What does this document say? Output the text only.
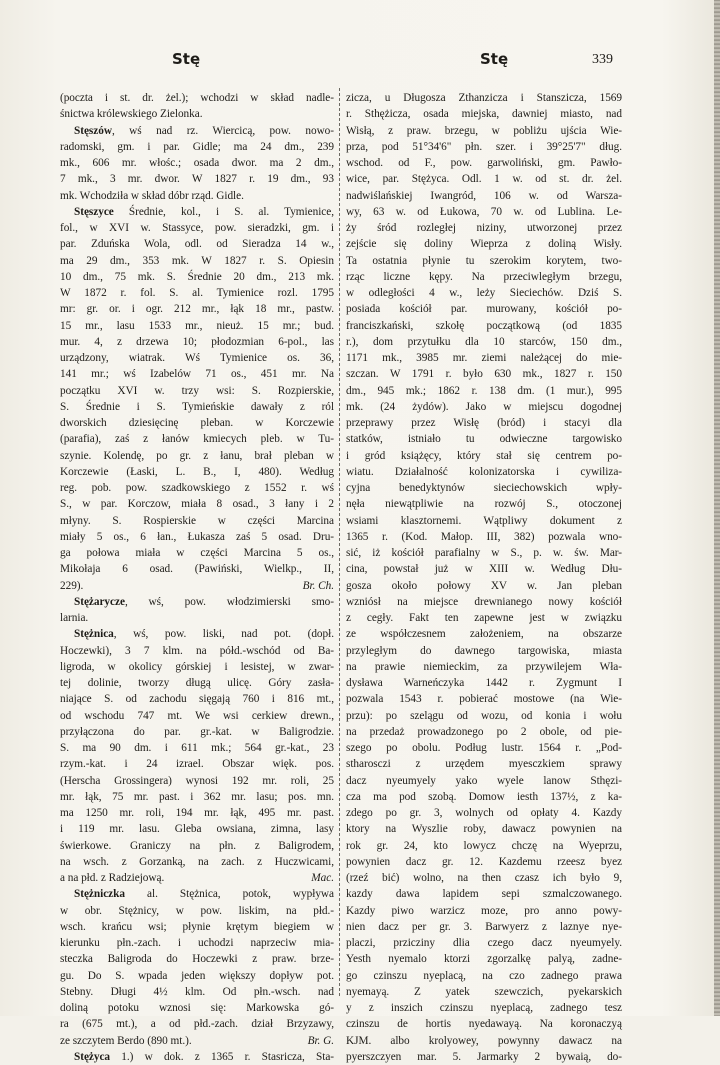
Stę	Stę	339
(poczta i st. dr. żel.); wchodzi w skład nadle-
śnictwa królewskiego Zielonka.
Stęszów, wś nad rz. Wiercicą, pow. nowo-
radomski, gm. i par. Gidle; ma 24 dm., 239
mk., 606 mr. włośc.; osada dwor. ma 2 dm.,
7 mk., 3 mr. dwor. W 1827 r. 19 dm., 93
mk. Wchodziła w skład dóbr rząd. Gidle.
Stęszyce Średnie, kol., i S. al. Tymienice,
fol., w XVI w. Stassyce, pow. sieradzki, gm. i
par. Zduńska Wola, odl. od Sieradza 14 w.,
ma 29 dm., 353 mk. W 1827 r. S. Opiesin
10 dm., 75 mk. S. Średnie 20 dm., 213 mk.
W 1872 r. fol. S. al. Tymienice rozl. 1795
mr: gr. or. i ogr. 212 mr., łąk 18 mr., pastw.
15 mr., lasu 1533 mr., nieuż. 15 mr.; bud.
mur. 4, z drzewa 10; płodozmian 6-pol., las
urządzony, wiatrak. Wś Tymienice os. 36,
141 mr.; wś Izabelów 71 os., 451 mr. Na
początku XVI w. trzy wsi: S. Rozpierskie,
S. Średnie i S. Tymieńskie dawały z ról
dworskich dziesięcinę pleban. w Korczewie
(parafia), zaś z łanów kmiecych pleb. w Tu-
szynie. Kolendę, po gr. z łanu, brał pleban w
Korczewie (Łaski, L. B., I, 480). Według
reg. pob. pow. szadkowskiego z 1552 r. wś
S., w par. Korczow, miała 8 osad., 3 łany i 2
młyny. S. Rospierskie w części Marcina
miały 5 os., 6 łan., Łukasza zaś 5 osad. Dru-
ga połowa miała w części Marcina 5 os.,
Mikołaja 6 osad. (Pawiński, Wielkp., II,
229).	Br. Ch.
Stężarycze, wś, pow. włodzimierski smo-
larnia.
Stężnica, wś, pow. liski, nad pot. (dopł.
Hoczewki), 3 7 klm. na półd.-wschód od Ba-
ligroda, w okolicy górskiej i lesistej, w zwar-
tej dolinie, tworzy długą ulicę. Góry zasła-
niające S. od zachodu sięgają 760 i 816 mt.,
od wschodu 747 mt. We wsi cerkiew drewn.,
przyłączona do par. gr.-kat. w Baligrodzie.
S. ma 90 dm. i 611 mk.; 564 gr.-kat., 23
rzym.-kat. i 24 izrael. Obszar więk. pos.
(Herscha Grossingera) wynosi 192 mr. roli, 25
mr. łąk, 75 mr. past. i 362 mr. lasu; pos. mn.
ma 1250 mr. roli, 194 mr. łąk, 495 mr. past.
i 119 mr. lasu. Gleba owsiana, zimna, lasy
świerkowe. Graniczy na płn. z Baligrodem,
na wsch. z Gorzanką, na zach. z Huczwicami,
a na płd. z Radziejową.	Mac.
Stężniczka al. Stężnica, potok, wypływa
w obr. Stężnicy, w pow. liskim, na płd.-
wsch. krańcu wsi; płynie krętym biegiem w
kierunku płn.-zach. i uchodzi naprzeciw mia-
steczka Baligroda do Hoczewki z praw. brze-
gu. Do S. wpada jeden większy dopływ pot.
Stebny. Długi 4½ klm. Od płn.-wsch. nad
doliną potoku wznosi się: Markowska gó-
ra (675 mt.), a od płd.-zach. dział Brzyzawy,
ze szczytem Berdo (890 mt.).	Br. G.
Stężyca 1.) w dok. z 1365 r. Stasricza, Sta-
zicza, u Długosza Zthanzicza i Stanszicza, 1569
r. Sthężicza, osada miejska, dawniej miasto, nad
Wisłą, z praw. brzegu, w pobliżu ujścia Wie-
prza, pod 51°34'6" płn. szer. i 39°25'7" dług.
wschod. od F., pow. garwoliński, gm. Pawło-
wice, par. Stężyca. Odl. 1 w. od st. dr. żel.
nadwiślańskiej Iwangród, 106 w. od Warsza-
wy, 63 w. od Łukowa, 70 w. od Lublina. Le-
ży śród rozległej niziny, utworzonej przez
zejście się doliny Wieprza z doliną Wisły.
Ta ostatnia płynie tu szerokim korytem, two-
rząc liczne kępy. Na przeciwległym brzegu,
w odległości 4 w., leży Sieciechów. Dziś S.
posiada kościół par. murowany, kościół po-
franciszkański, szkołę początkową (od 1835
r.), dom przytułku dla 10 starców, 150 dm.,
1171 mk., 3985 mr. ziemi należącej do mie-
szczan. W 1791 r. było 630 mk., 1827 r. 150
dm., 945 mk.; 1862 r. 138 dm. (1 mur.), 995
mk. (24 żydów). Jako w miejscu dogodnej
przeprawy przez Wisłę (bród) i stacyi dla
statków, istniało tu odwieczne targowisko
i gród książęcy, który stał się centrem po-
wiatu. Działalność kolonizatorska i cywiliza-
cyjna benedyktynów sieciechowskich wpły-
nęła niewątpliwie na rozwój S., otoczonej
wsiami klasztornemi. Wątpliwy dokument z
1365 r. (Kod. Małop. III, 382) pozwala wno-
sić, iż kościół parafialny w S., p. w. św. Mar-
cina, powstał już w XIII w. Według Dłu-
gosza około połowy XV w. Jan pleban
wzniósł na miejsce drewnianego nowy kościół
z cegły. Fakt ten zapewne jest w związku
ze współczesnem założeniem, na obszarze
przyległym do dawnego targowiska, miasta
na prawie niemieckim, za przywilejem Wła-
dysława Warneńczyka 1442 r. Zygmunt I
pozwala 1543 r. pobierać mostowe (na Wie-
przu): po szelągu od wozu, od konia i wołu
na przedaż prowadzonego po 2 obole, od pie-
szego po obolu. Podług lustr. 1564 r. „Pod-
stharosczi z urzędem myesczkiem sprawy
dacz nyeumyely yako wyele lanow Sthęzi-
cza ma pod szobą. Domow iesth 137½, z ka-
zdego po gr. 3, wolnych od opłaty 4. Kazdy
ktory na Wyszlie roby, dawacz powynien na
rok gr. 24, kto lowycz chczę na Wyeprzu,
powynien dacz gr. 12. Kazdemu rzeesz byez
(rzeź bić) wolno, na then czasz ich było 9,
kazdy dawa lapidem sepi szmalczowanego.
Kazdy piwo warzicz moze, pro anno powy-
nien dacz per gr. 3. Barwyerz z laznye nye-
placzi, przicziny dlia czego dacz nyeumyely.
Yesth nyemalo ktorzi zgorzalkę palyą, zadne-
go czinszu nyeplacą, na czo zadnego prawa
nyemayą. Z yatek szewczich, pyekarskich
y z inszich czinszu nyeplacą, zadnego tesz
czinszu de hortis nyedawayą. Na koronaczyą
KJM. albo krolyowey, powynny dawacz na
pyerszczyen mar. 5. Jarmarky 2 bywaią, do-
